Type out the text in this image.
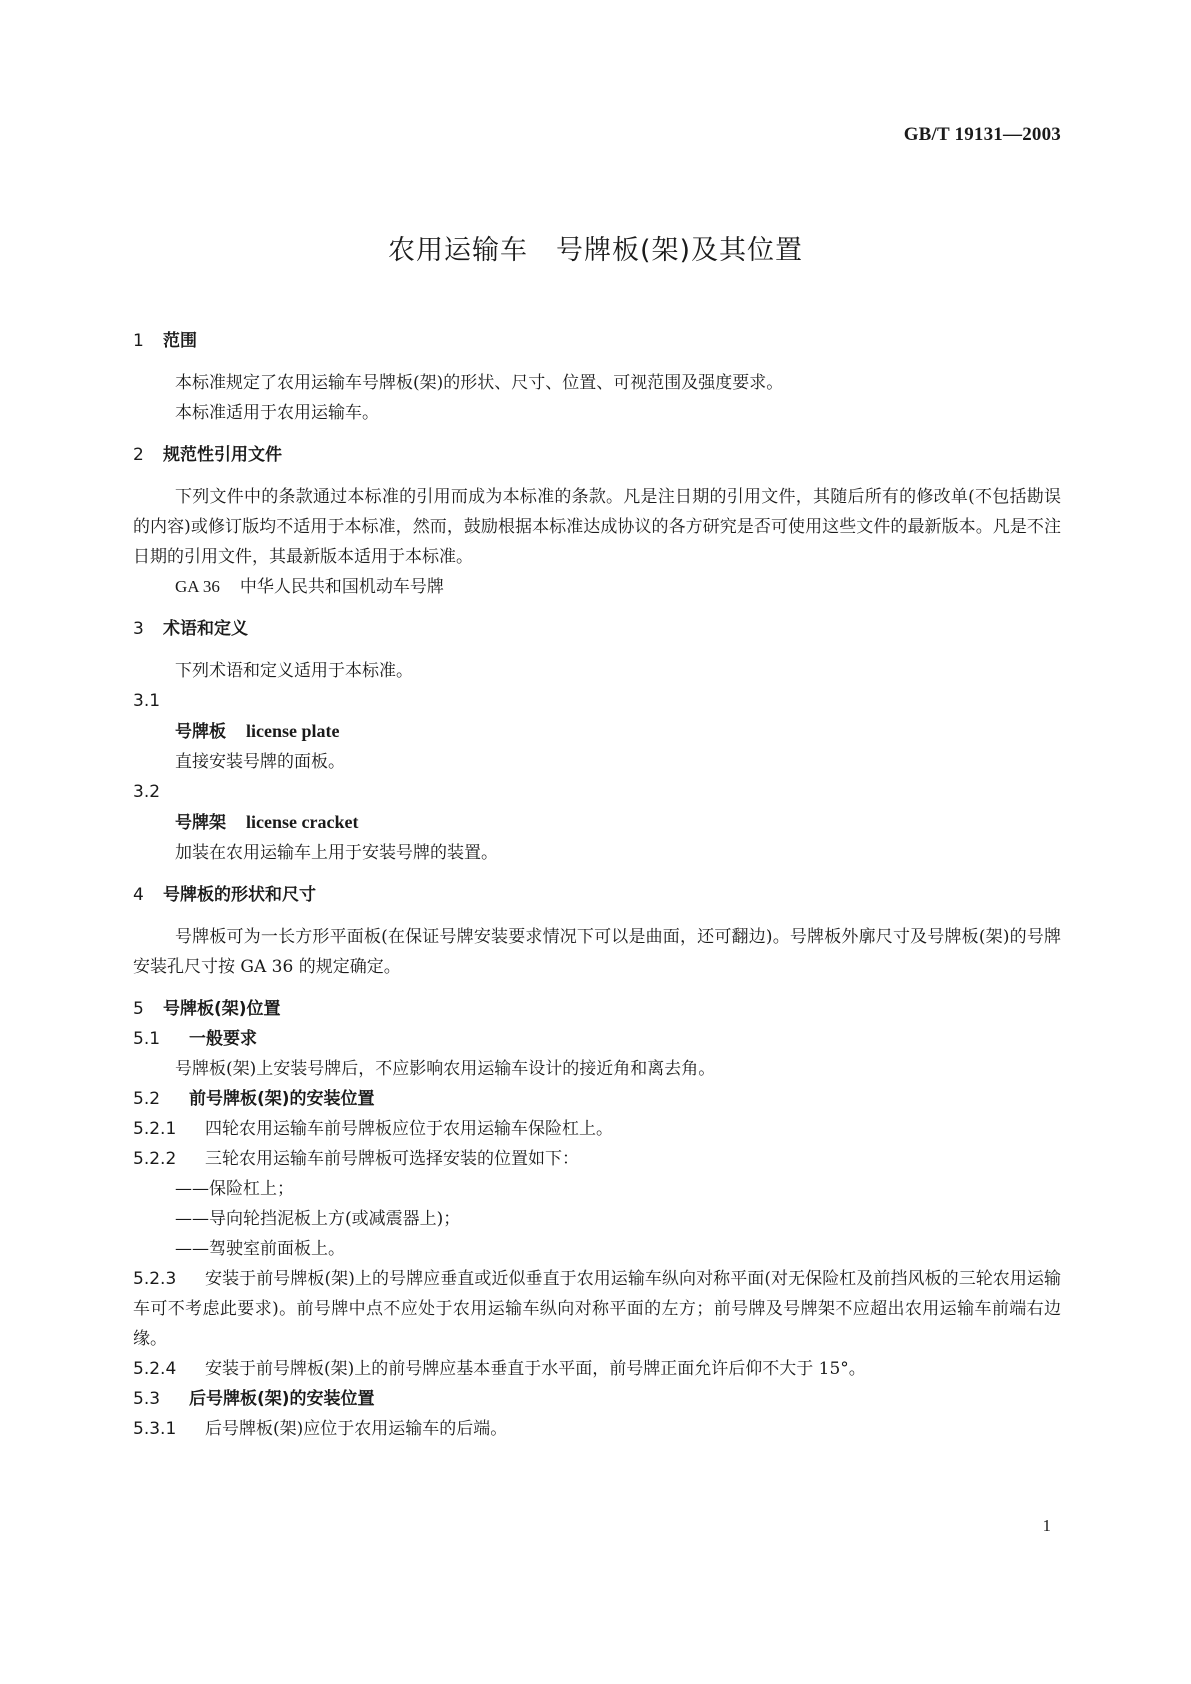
GB/T 19131—2003
农用运输车　号牌板(架)及其位置

1 范围

本标准规定了农用运输车号牌板(架)的形状、尺寸、位置、可视范围及强度要求。

本标准适用于农用运输车。

2 规范性引用文件

下列文件中的条款通过本标准的引用而成为本标准的条款。凡是注日期的引用文件，其随后所有的修改单(不包括勘误的内容)或修订版均不适用于本标准，然而，鼓励根据本标准达成协议的各方研究是否可使用这些文件的最新版本。凡是不注日期的引用文件，其最新版本适用于本标准。

GA 36 中华人民共和国机动车号牌

3 术语和定义

下列术语和定义适用于本标准。

3.1

号牌板 license plate

直接安装号牌的面板。

3.2

号牌架 license cracket

加装在农用运输车上用于安装号牌的装置。

4 号牌板的形状和尺寸

号牌板可为一长方形平面板(在保证号牌安装要求情况下可以是曲面，还可翻边)。号牌板外廓尺寸及号牌板(架)的号牌安装孔尺寸按 GA 36 的规定确定。

5 号牌板(架)位置

5.1 一般要求

号牌板(架)上安装号牌后，不应影响农用运输车设计的接近角和离去角。

5.2 前号牌板(架)的安装位置

5.2.1 四轮农用运输车前号牌板应位于农用运输车保险杠上。

5.2.2 三轮农用运输车前号牌板可选择安装的位置如下：

——保险杠上；

——导向轮挡泥板上方(或减震器上)；

——驾驶室前面板上。

5.2.3 安装于前号牌板(架)上的号牌应垂直或近似垂直于农用运输车纵向对称平面(对无保险杠及前挡风板的三轮农用运输车可不考虑此要求)。前号牌中点不应处于农用运输车纵向对称平面的左方；前号牌及号牌架不应超出农用运输车前端右边缘。

5.2.4 安装于前号牌板(架)上的前号牌应基本垂直于水平面，前号牌正面允许后仰不大于 15°。

5.3 后号牌板(架)的安装位置

5.3.1 后号牌板(架)应位于农用运输车的后端。

1
